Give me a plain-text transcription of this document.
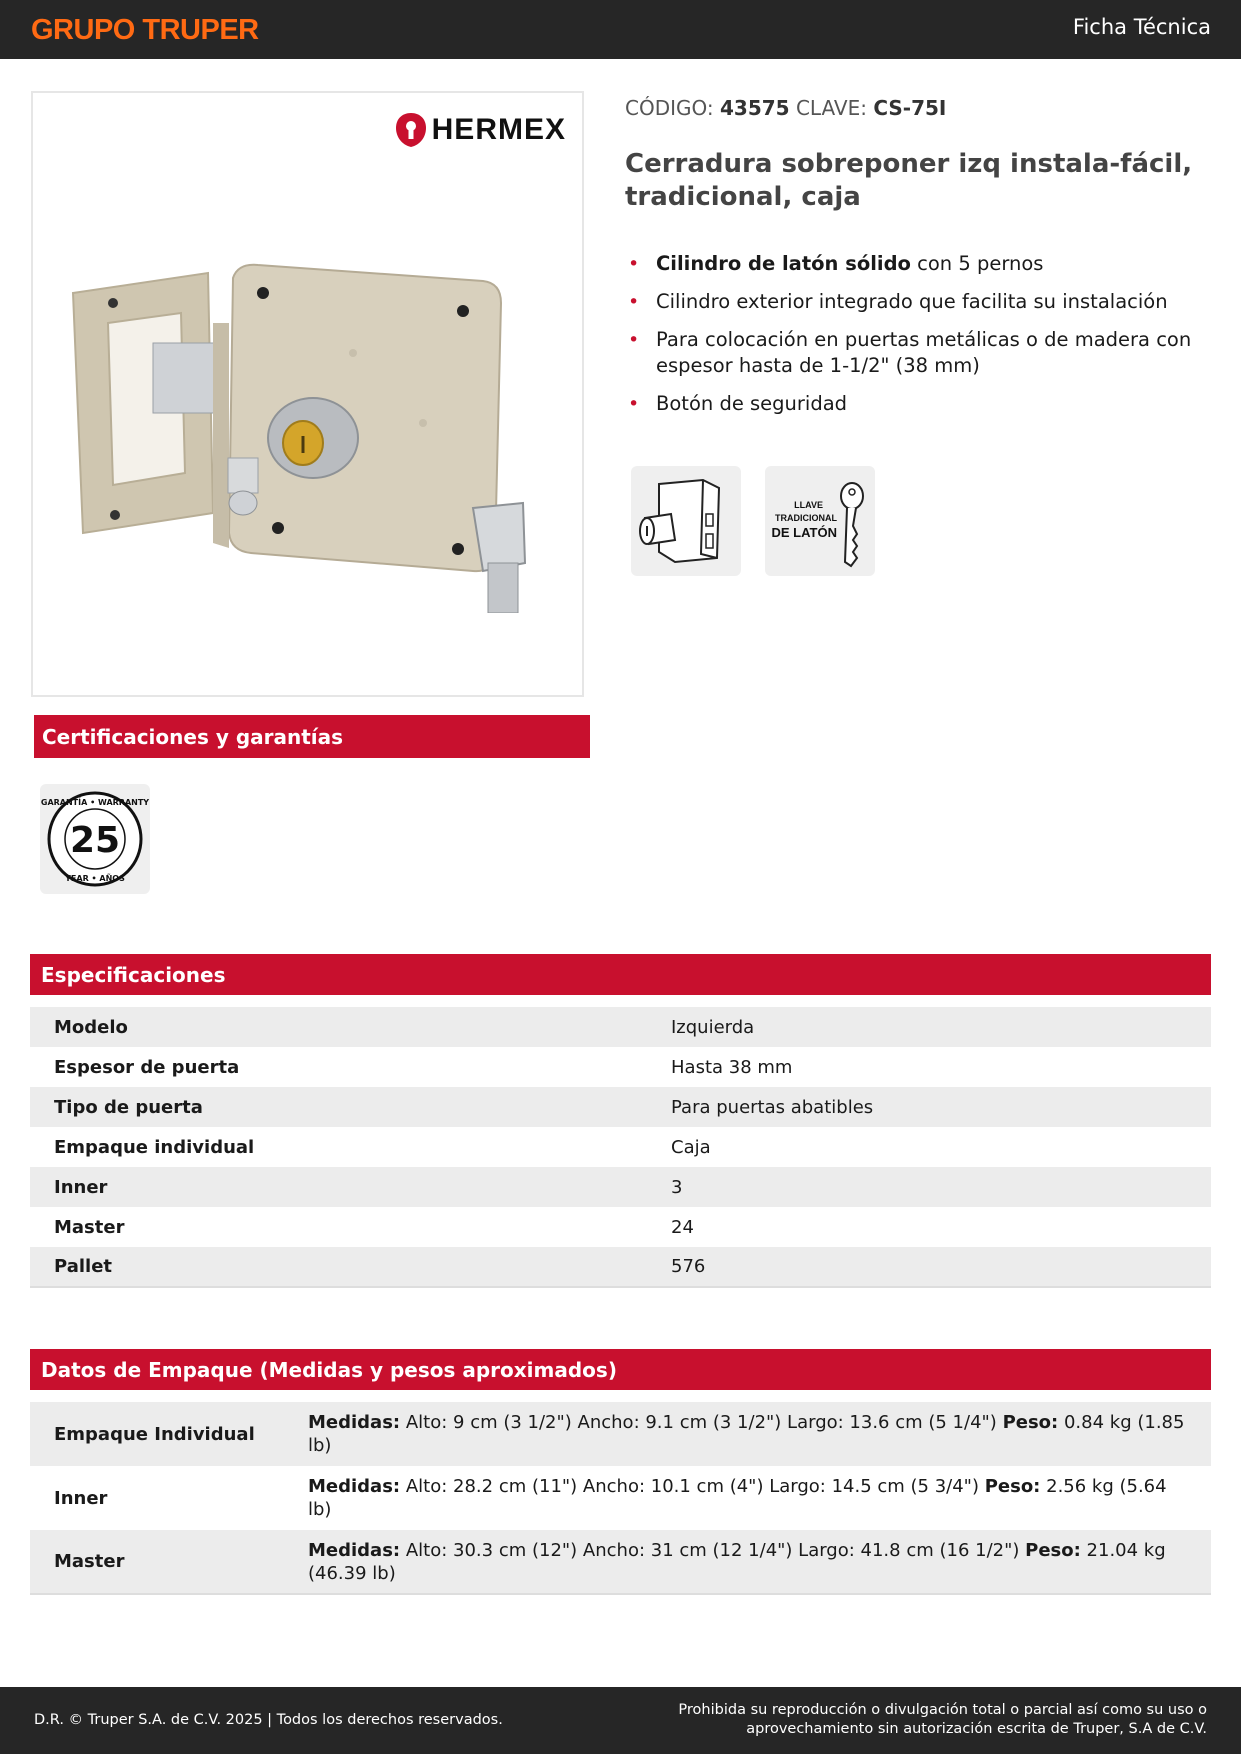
GRUPO TRUPER	Ficha Técnica
HERMEX
CÓDIGO: 43575 CLAVE: CS-75I
Cerradura sobreponer izq instala-fácil, tradicional, caja
• Cilindro de latón sólido con 5 pernos
• Cilindro exterior integrado que facilita su instalación
• Para colocación en puertas metálicas o de madera con espesor hasta de 1-1/2" (38 mm)
• Botón de seguridad
LLAVE
TRADICIONAL
DE LATÓN
Certificaciones y garantías
25
GARANTÍA • WARRANTY
YEAR • AÑOS
Especificaciones
Modelo	Izquierda
Espesor de puerta	Hasta 38 mm
Tipo de puerta	Para puertas abatibles
Empaque individual	Caja
Inner	3
Master	24
Pallet	576
Datos de Empaque (Medidas y pesos aproximados)
Empaque Individual	Medidas: Alto: 9 cm (3 1/2") Ancho: 9.1 cm (3 1/2") Largo: 13.6 cm (5 1/4") Peso: 0.84 kg (1.85 lb)
Inner	Medidas: Alto: 28.2 cm (11") Ancho: 10.1 cm (4") Largo: 14.5 cm (5 3/4") Peso: 2.56 kg (5.64 lb)
Master	Medidas: Alto: 30.3 cm (12") Ancho: 31 cm (12 1/4") Largo: 41.8 cm (16 1/2") Peso: 21.04 kg (46.39 lb)
D.R. © Truper S.A. de C.V. 2025 | Todos los derechos reservados.
Prohibida su reproducción o divulgación total o parcial así como su uso o aprovechamiento sin autorización escrita de Truper, S.A de C.V.
